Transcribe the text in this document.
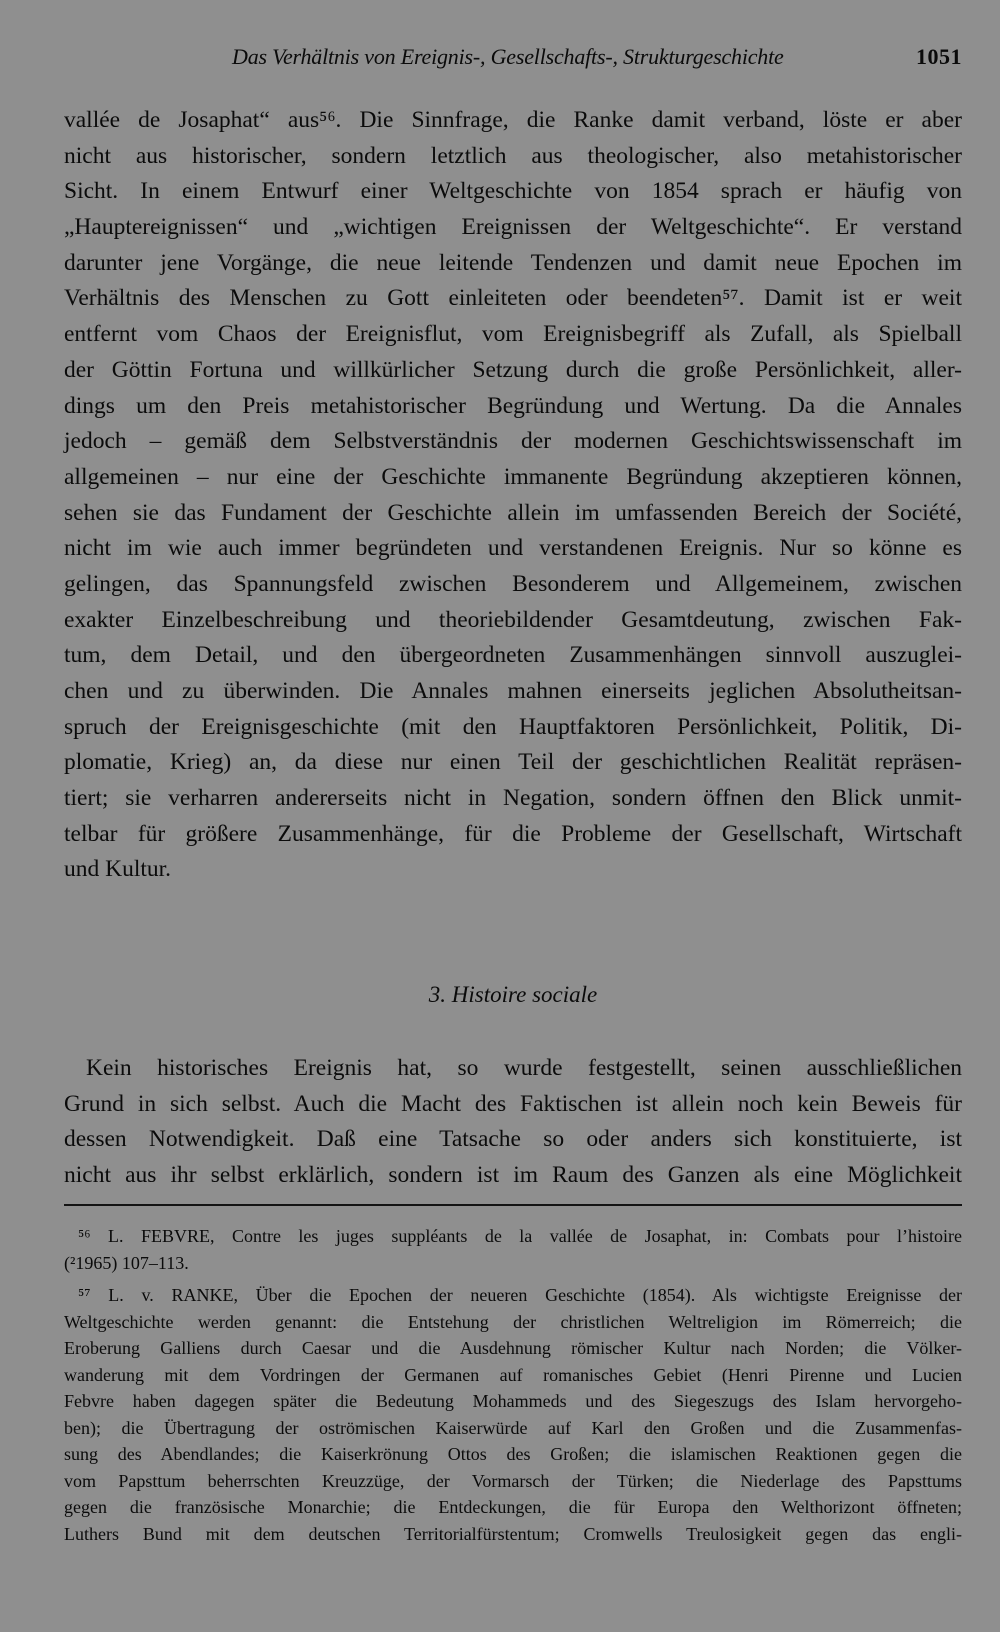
Das Verhältnis von Ereignis-, Gesellschafts-, Strukturgeschichte	1051
vallée de Josaphat“ aus⁵⁶. Die Sinnfrage, die Ranke damit verband, löste er aber
nicht aus historischer, sondern letztlich aus theologischer, also metahistorischer
Sicht. In einem Entwurf einer Weltgeschichte von 1854 sprach er häufig von
„Hauptereignissen“ und „wichtigen Ereignissen der Weltgeschichte“. Er verstand
darunter jene Vorgänge, die neue leitende Tendenzen und damit neue Epochen im
Verhältnis des Menschen zu Gott einleiteten oder beendeten⁵⁷. Damit ist er weit
entfernt vom Chaos der Ereignisflut, vom Ereignisbegriff als Zufall, als Spielball
der Göttin Fortuna und willkürlicher Setzung durch die große Persönlichkeit, aller-
dings um den Preis metahistorischer Begründung und Wertung. Da die Annales
jedoch – gemäß dem Selbstverständnis der modernen Geschichtswissenschaft im
allgemeinen – nur eine der Geschichte immanente Begründung akzeptieren können,
sehen sie das Fundament der Geschichte allein im umfassenden Bereich der Société,
nicht im wie auch immer begründeten und verstandenen Ereignis. Nur so könne es
gelingen, das Spannungsfeld zwischen Besonderem und Allgemeinem, zwischen
exakter Einzelbeschreibung und theoriebildender Gesamtdeutung, zwischen Fak-
tum, dem Detail, und den übergeordneten Zusammenhängen sinnvoll auszuglei-
chen und zu überwinden. Die Annales mahnen einerseits jeglichen Absolutheitsan-
spruch der Ereignisgeschichte (mit den Hauptfaktoren Persönlichkeit, Politik, Di-
plomatie, Krieg) an, da diese nur einen Teil der geschichtlichen Realität repräsen-
tiert; sie verharren andererseits nicht in Negation, sondern öffnen den Blick unmit-
telbar für größere Zusammenhänge, für die Probleme der Gesellschaft, Wirtschaft
und Kultur.
3. Histoire sociale
Kein historisches Ereignis hat, so wurde festgestellt, seinen ausschließlichen
Grund in sich selbst. Auch die Macht des Faktischen ist allein noch kein Beweis für
dessen Notwendigkeit. Daß eine Tatsache so oder anders sich konstituierte, ist
nicht aus ihr selbst erklärlich, sondern ist im Raum des Ganzen als eine Möglichkeit
⁵⁶ L. FEBVRE, Contre les juges suppléants de la vallée de Josaphat, in: Combats pour l’histoire
(²1965) 107–113.
⁵⁷ L. v. RANKE, Über die Epochen der neueren Geschichte (1854). Als wichtigste Ereignisse der
Weltgeschichte werden genannt: die Entstehung der christlichen Weltreligion im Römerreich; die
Eroberung Galliens durch Caesar und die Ausdehnung römischer Kultur nach Norden; die Völker-
wanderung mit dem Vordringen der Germanen auf romanisches Gebiet (Henri Pirenne und Lucien
Febvre haben dagegen später die Bedeutung Mohammeds und des Siegeszugs des Islam hervorgeho-
ben); die Übertragung der oströmischen Kaiserwürde auf Karl den Großen und die Zusammenfas-
sung des Abendlandes; die Kaiserkrönung Ottos des Großen; die islamischen Reaktionen gegen die
vom Papsttum beherrschten Kreuzzüge, der Vormarsch der Türken; die Niederlage des Papsttums
gegen die französische Monarchie; die Entdeckungen, die für Europa den Welthorizont öffneten;
Luthers Bund mit dem deutschen Territorialfürstentum; Cromwells Treulosigkeit gegen das engli-
